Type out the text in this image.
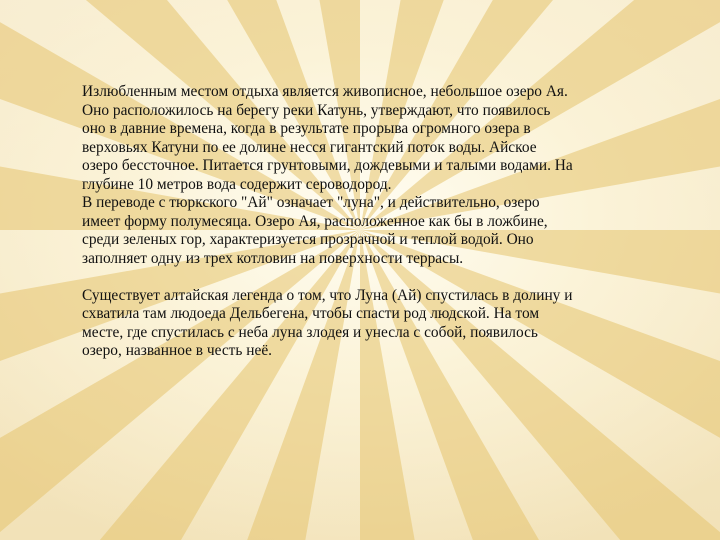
Излюбленным местом отдыха является живописное, небольшое озеро Ая.

Оно расположилось на берегу реки Катунь, утверждают, что появилось

оно в давние времена, когда в результате прорыва огромного озера в

верховьях Катуни по ее долине несся гигантский поток воды. Айское

озеро бессточное. Питается грунтовыми, дождевыми и талыми водами. На

глубине 10 метров вода содержит сероводород.

В переводе с тюркского "Ай" означает "луна", и действительно, озеро

имеет форму полумесяца. Озеро Ая, расположенное как бы в ложбине,

среди зеленых гор, характеризуется прозрачной и теплой водой. Оно

заполняет одну из трех котловин на поверхности террасы.

Существует алтайская легенда о том, что Луна (Ай) спустилась в долину и

схватила там людоеда Дельбегена, чтобы спасти род людской. На том

месте, где спустилась с неба луна злодея и унесла с собой, появилось

озеро, названное в честь неё.
